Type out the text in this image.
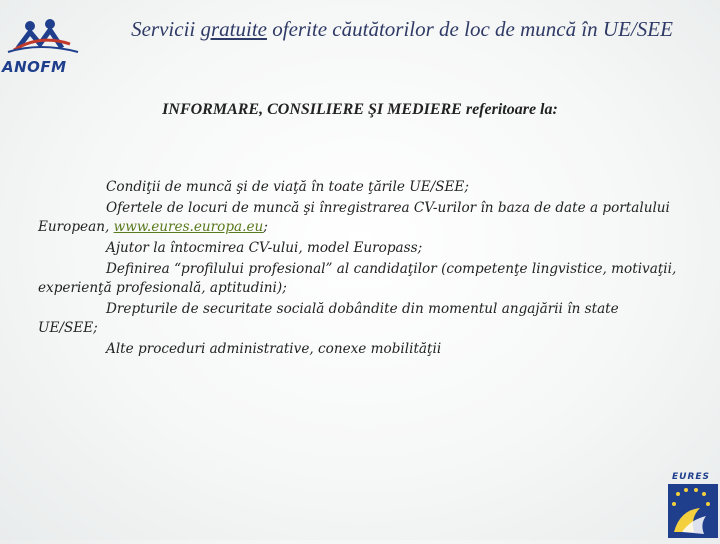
ANOFM
Servicii gratuite oferite căutătorilor de loc de muncă în UE/SEE
INFORMARE, CONSILIERE ŞI MEDIERE referitoare la:
Condiţii de muncă şi de viaţă în toate ţările UE/SEE;
Ofertele de locuri de muncă şi înregistrarea CV-urilor în baza de date a portalului European, www.eures.europa.eu;
Ajutor la întocmirea CV-ului, model Europass;
Definirea “profilului profesional” al candidaţilor (competenţe lingvistice, motivaţii, experienţă profesională, aptitudini);
Drepturile de securitate socială dobândite din momentul angajării în state UE/SEE;
Alte proceduri administrative, conexe mobilităţii
EURES
